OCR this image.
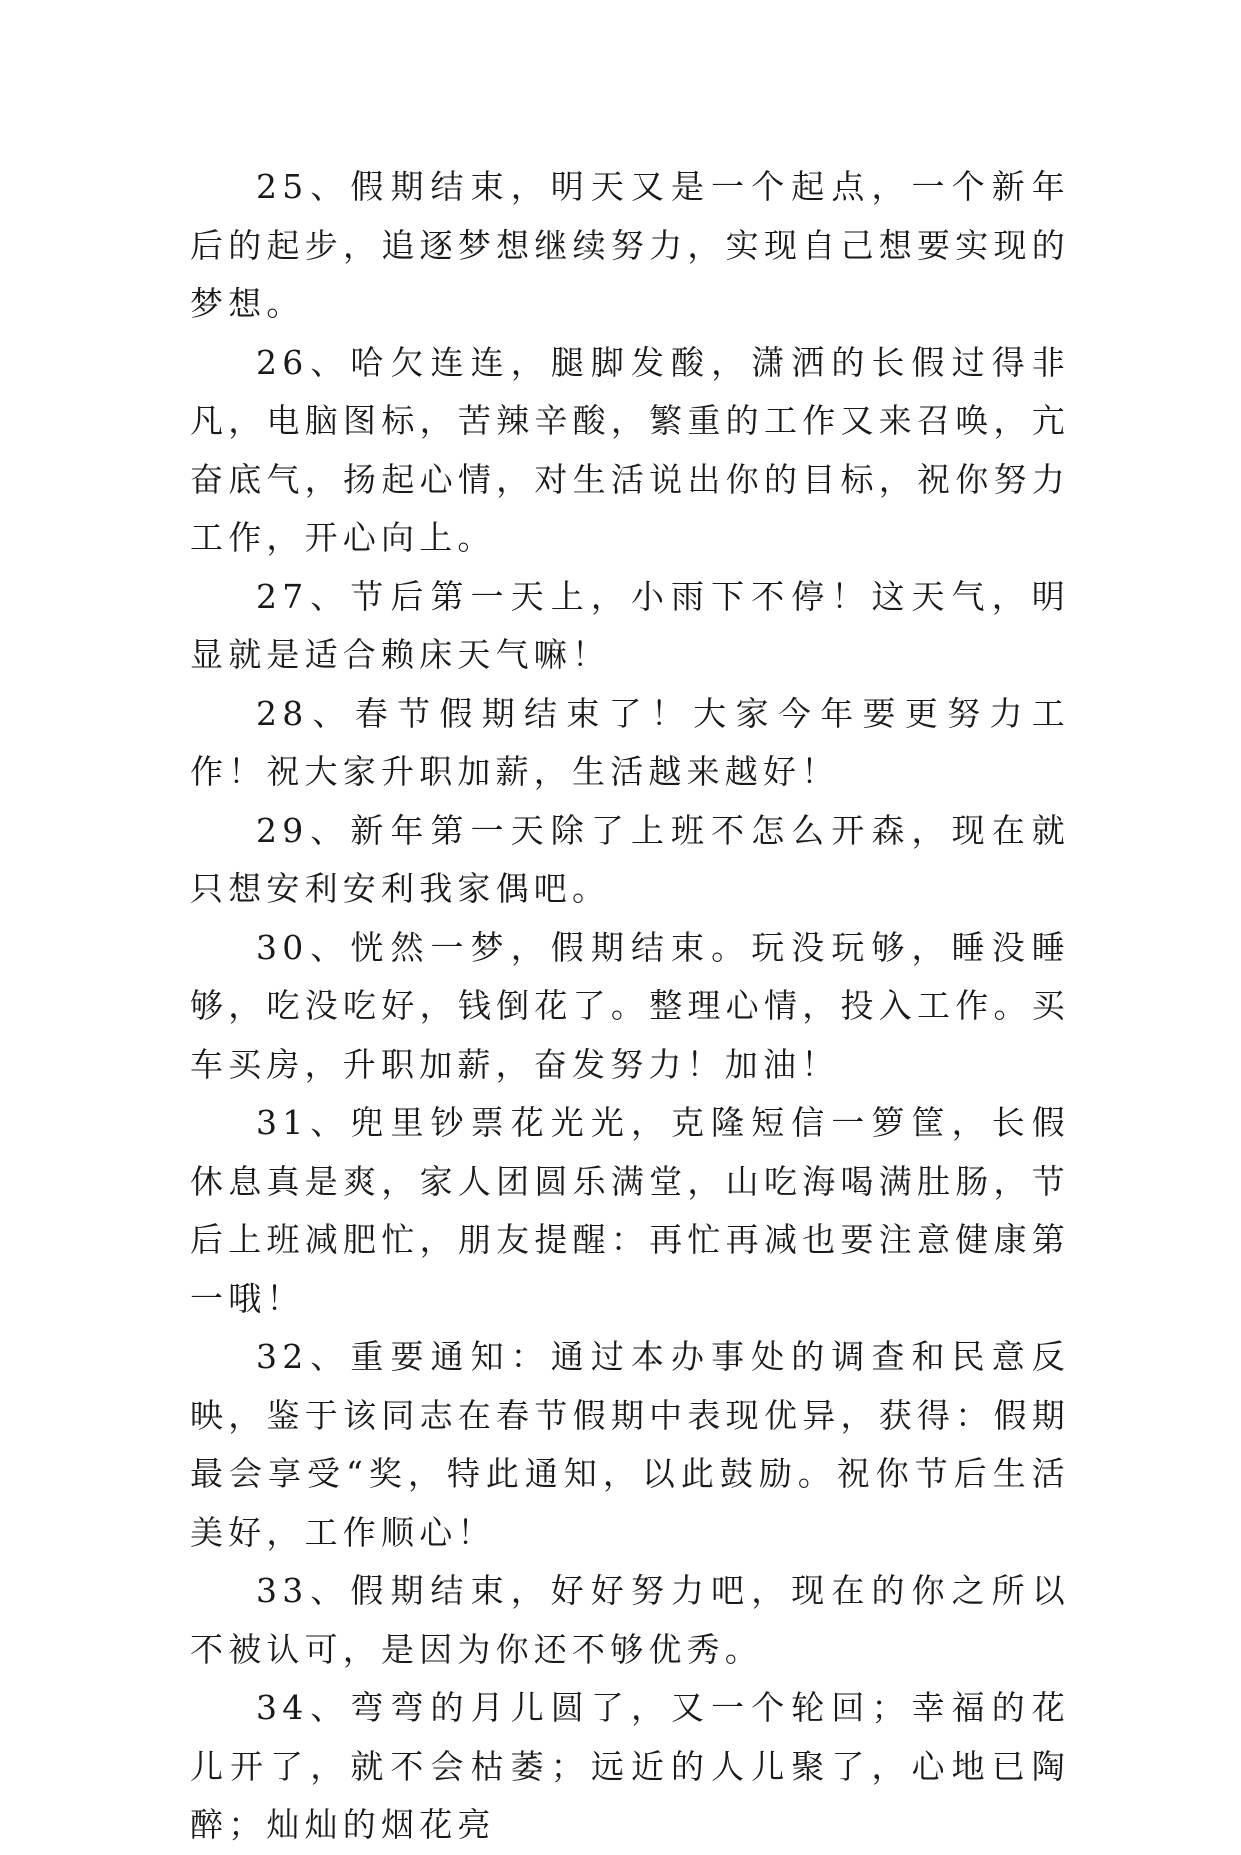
25、假期结束，明天又是一个起点，一个新年后的起步，追逐梦想继续努力，实现自己想要实现的梦想。

26、哈欠连连，腿脚发酸，潇洒的长假过得非凡，电脑图标，苦辣辛酸，繁重的工作又来召唤，亢奋底气，扬起心情，对生活说出你的目标，祝你努力工作，开心向上。

27、节后第一天上，小雨下不停！这天气，明显就是适合赖床天气嘛！

28、春节假期结束了！大家今年要更努力工作！祝大家升职加薪，生活越来越好！

29、新年第一天除了上班不怎么开森，现在就只想安利安利我家偶吧。

30、恍然一梦，假期结束。玩没玩够，睡没睡够，吃没吃好，钱倒花了。整理心情，投入工作。买车买房，升职加薪，奋发努力！加油！

31、兜里钞票花光光，克隆短信一箩筐，长假休息真是爽，家人团圆乐满堂，山吃海喝满肚肠，节后上班减肥忙，朋友提醒：再忙再减也要注意健康第一哦！

32、重要通知：通过本办事处的调查和民意反映，鉴于该同志在春节假期中表现优异，获得：假期最会享受“奖，特此通知，以此鼓励。祝你节后生活美好，工作顺心！

33、假期结束，好好努力吧，现在的你之所以不被认可，是因为你还不够优秀。

34、弯弯的月儿圆了，又一个轮回；幸福的花儿开了，就不会枯萎；远近的人儿聚了，心地已陶醉；灿灿的烟花亮
